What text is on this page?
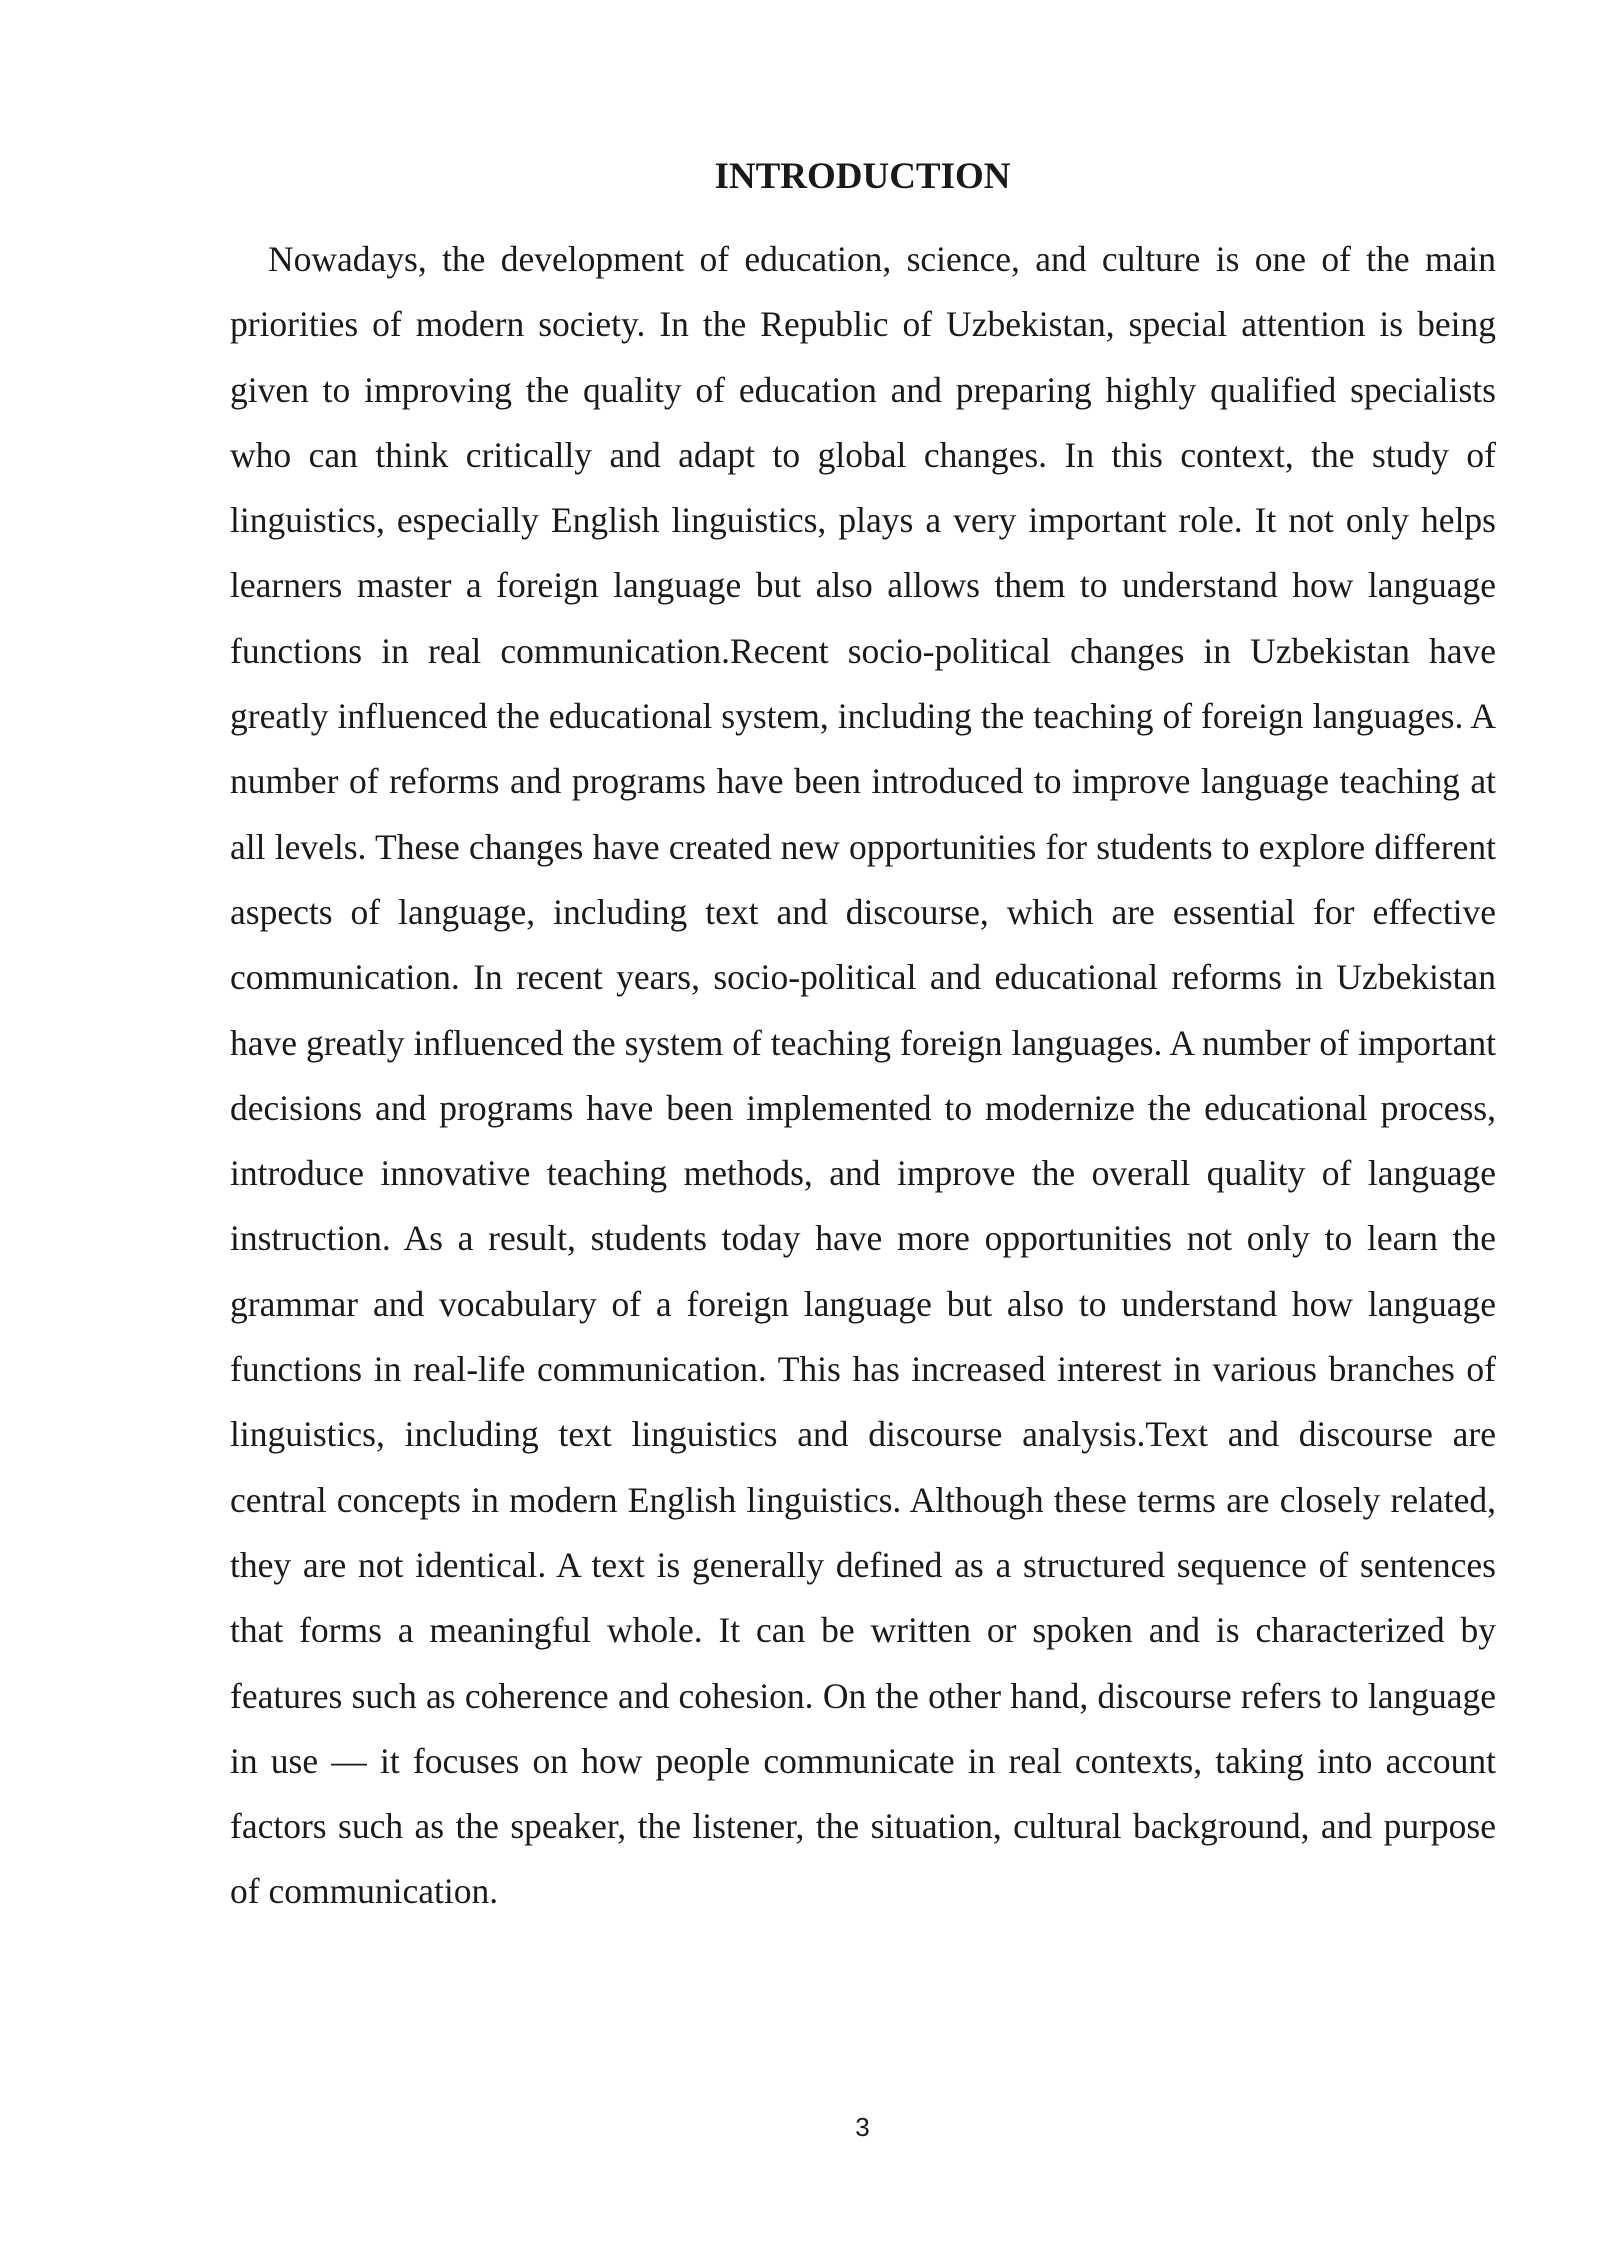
INTRODUCTION

Nowadays, the development of education, science, and culture is one of the main priorities of modern society. In the Republic of Uzbekistan, special attention is being given to improving the quality of education and preparing highly qualified specialists who can think critically and adapt to global changes. In this context, the study of linguistics, especially English linguistics, plays a very important role. It not only helps learners master a foreign language but also allows them to understand how language functions in real communication.Recent socio-political changes in Uzbekistan have greatly influenced the educational system, including the teaching of foreign languages. A number of reforms and programs have been introduced to improve language teaching at all levels. These changes have created new opportunities for students to explore different aspects of language, including text and discourse, which are essential for effective communication. In recent years, socio-political and educational reforms in Uzbekistan have greatly influenced the system of teaching foreign languages. A number of important decisions and programs have been implemented to modernize the educational process, introduce innovative teaching methods, and improve the overall quality of language instruction. As a result, students today have more opportunities not only to learn the grammar and vocabulary of a foreign language but also to understand how language functions in real-life communication. This has increased interest in various branches of linguistics, including text linguistics and discourse analysis.Text and discourse are central concepts in modern English linguistics. Although these terms are closely related, they are not identical. A text is generally defined as a structured sequence of sentences that forms a meaningful whole. It can be written or spoken and is characterized by features such as coherence and cohesion. On the other hand, discourse refers to language in use — it focuses on how people communicate in real contexts, taking into account factors such as the speaker, the listener, the situation, cultural background, and purpose of communication.

3
